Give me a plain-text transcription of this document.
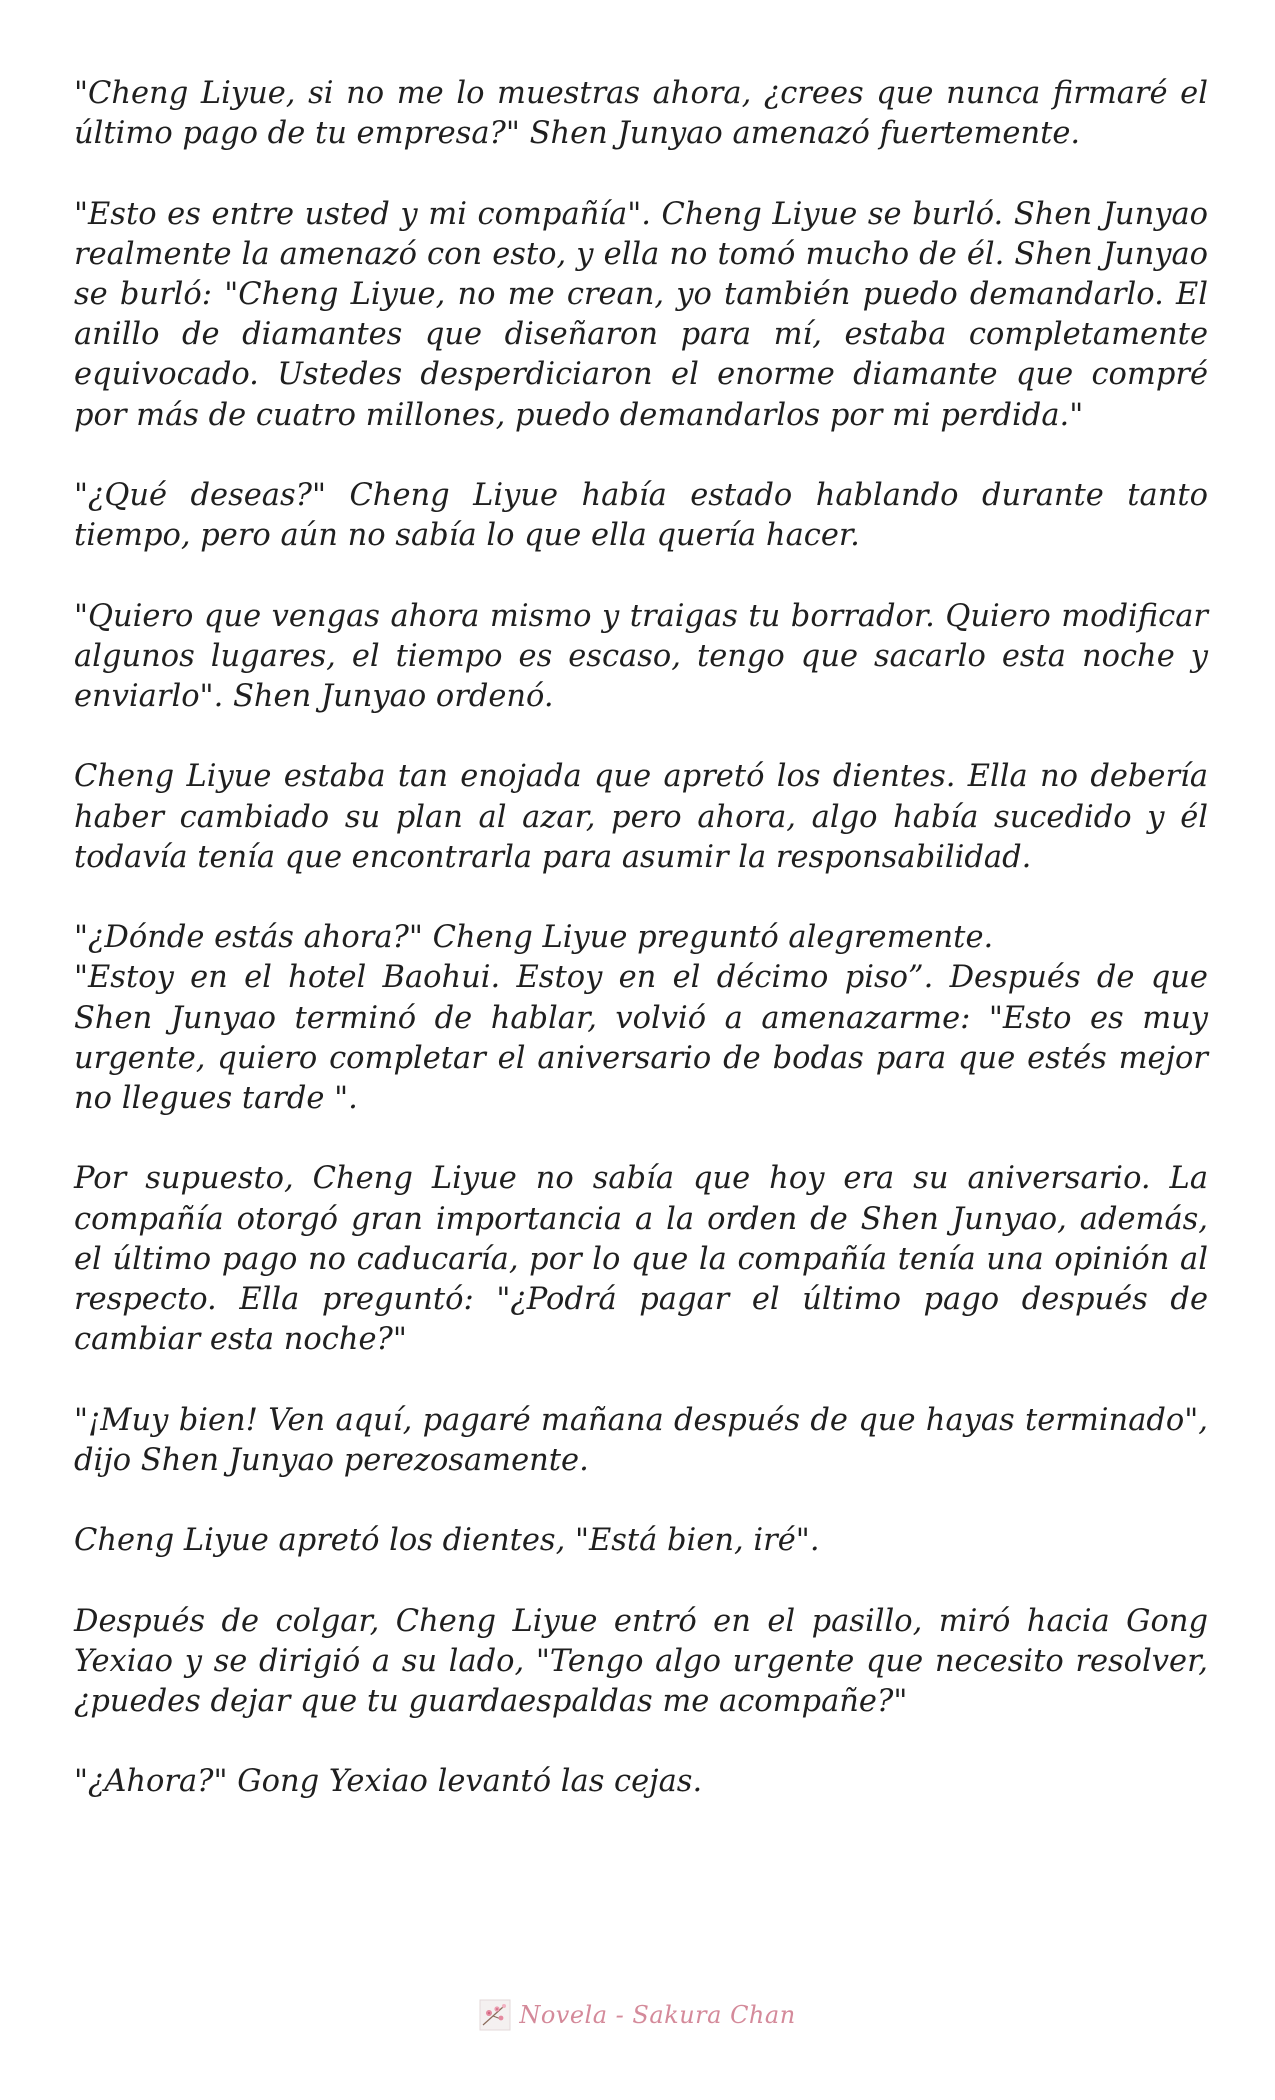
"Cheng Liyue, si no me lo muestras ahora, ¿crees que nunca firmaré el último pago de tu empresa?" Shen Junyao amenazó fuertemente.

"Esto es entre usted y mi compañía". Cheng Liyue se burló. Shen Junyao realmente la amenazó con esto, y ella no tomó mucho de él. Shen Junyao se burló: "Cheng Liyue, no me crean, yo también puedo demandarlo. El anillo de diamantes que diseñaron para mí, estaba completamente equivocado. Ustedes desperdiciaron el enorme diamante que compré por más de cuatro millones, puedo demandarlos por mi perdida."

"¿Qué deseas?" Cheng Liyue había estado hablando durante tanto tiempo, pero aún no sabía lo que ella quería hacer.

"Quiero que vengas ahora mismo y traigas tu borrador. Quiero modificar algunos lugares, el tiempo es escaso, tengo que sacarlo esta noche y enviarlo". Shen Junyao ordenó.

Cheng Liyue estaba tan enojada que apretó los dientes. Ella no debería haber cambiado su plan al azar, pero ahora, algo había sucedido y él todavía tenía que encontrarla para asumir la responsabilidad.

"¿Dónde estás ahora?" Cheng Liyue preguntó alegremente.

"Estoy en el hotel Baohui. Estoy en el décimo piso”. Después de que Shen Junyao terminó de hablar, volvió a amenazarme: "Esto es muy urgente, quiero completar el aniversario de bodas para que estés mejor no llegues tarde ".

Por supuesto, Cheng Liyue no sabía que hoy era su aniversario. La compañía otorgó gran importancia a la orden de Shen Junyao, además, el último pago no caducaría, por lo que la compañía tenía una opinión al respecto. Ella preguntó: "¿Podrá pagar el último pago después de cambiar esta noche?"

"¡Muy bien! Ven aquí, pagaré mañana después de que hayas terminado", dijo Shen Junyao perezosamente.

Cheng Liyue apretó los dientes, "Está bien, iré".

Después de colgar, Cheng Liyue entró en el pasillo, miró hacia Gong Yexiao y se dirigió a su lado, "Tengo algo urgente que necesito resolver, ¿puedes dejar que tu guardaespaldas me acompañe?"

"¿Ahora?" Gong Yexiao levantó las cejas.

Novela - Sakura Chan
